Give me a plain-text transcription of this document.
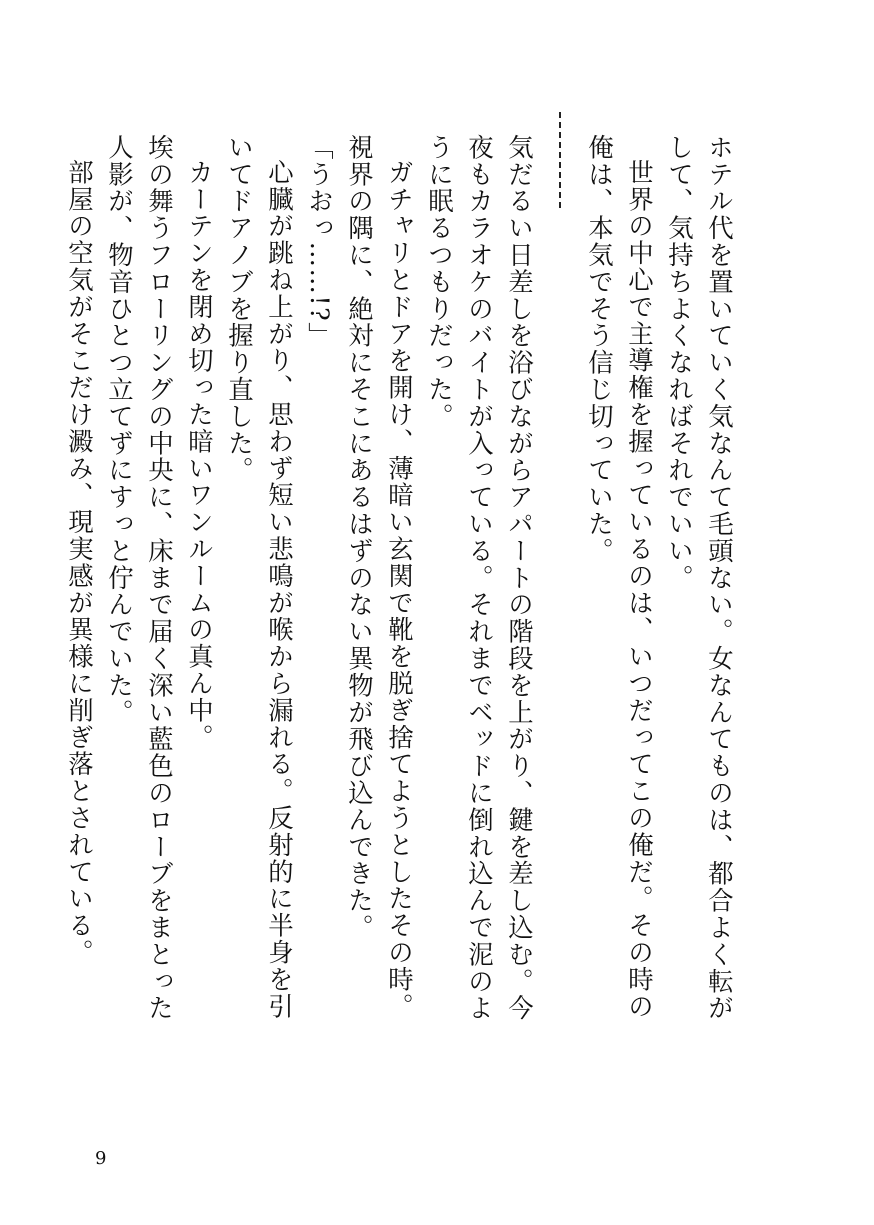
ホテル代を置いていく気なんて毛頭ない。女なんてものは、都合よく転がして、気持ちよくなればそれでいい。

世界の中心で主導権を握っているのは、いつだってこの俺だ。その時の俺は、本気でそう信じ切っていた。

気だるい日差しを浴びながらアパートの階段を上がり、鍵を差し込む。今夜もカラオケのバイトが入っている。それまでベッドに倒れ込んで泥のように眠るつもりだった。

ガチャリとドアを開け、薄暗い玄関で靴を脱ぎ捨てようとしたその時。視界の隅に、絶対にそこにあるはずのない異物が飛び込んできた。

「うおっ……!?」

心臓が跳ね上がり、思わず短い悲鳴が喉から漏れる。反射的に半身を引いてドアノブを握り直した。

カーテンを閉め切った暗いワンルームの真ん中。

埃の舞うフローリングの中央に、床まで届く深い藍色のローブをまとった人影が、物音ひとつ立てずにすっと佇んでいた。

部屋の空気がそこだけ澱み、現実感が異様に削ぎ落とされている。

9
